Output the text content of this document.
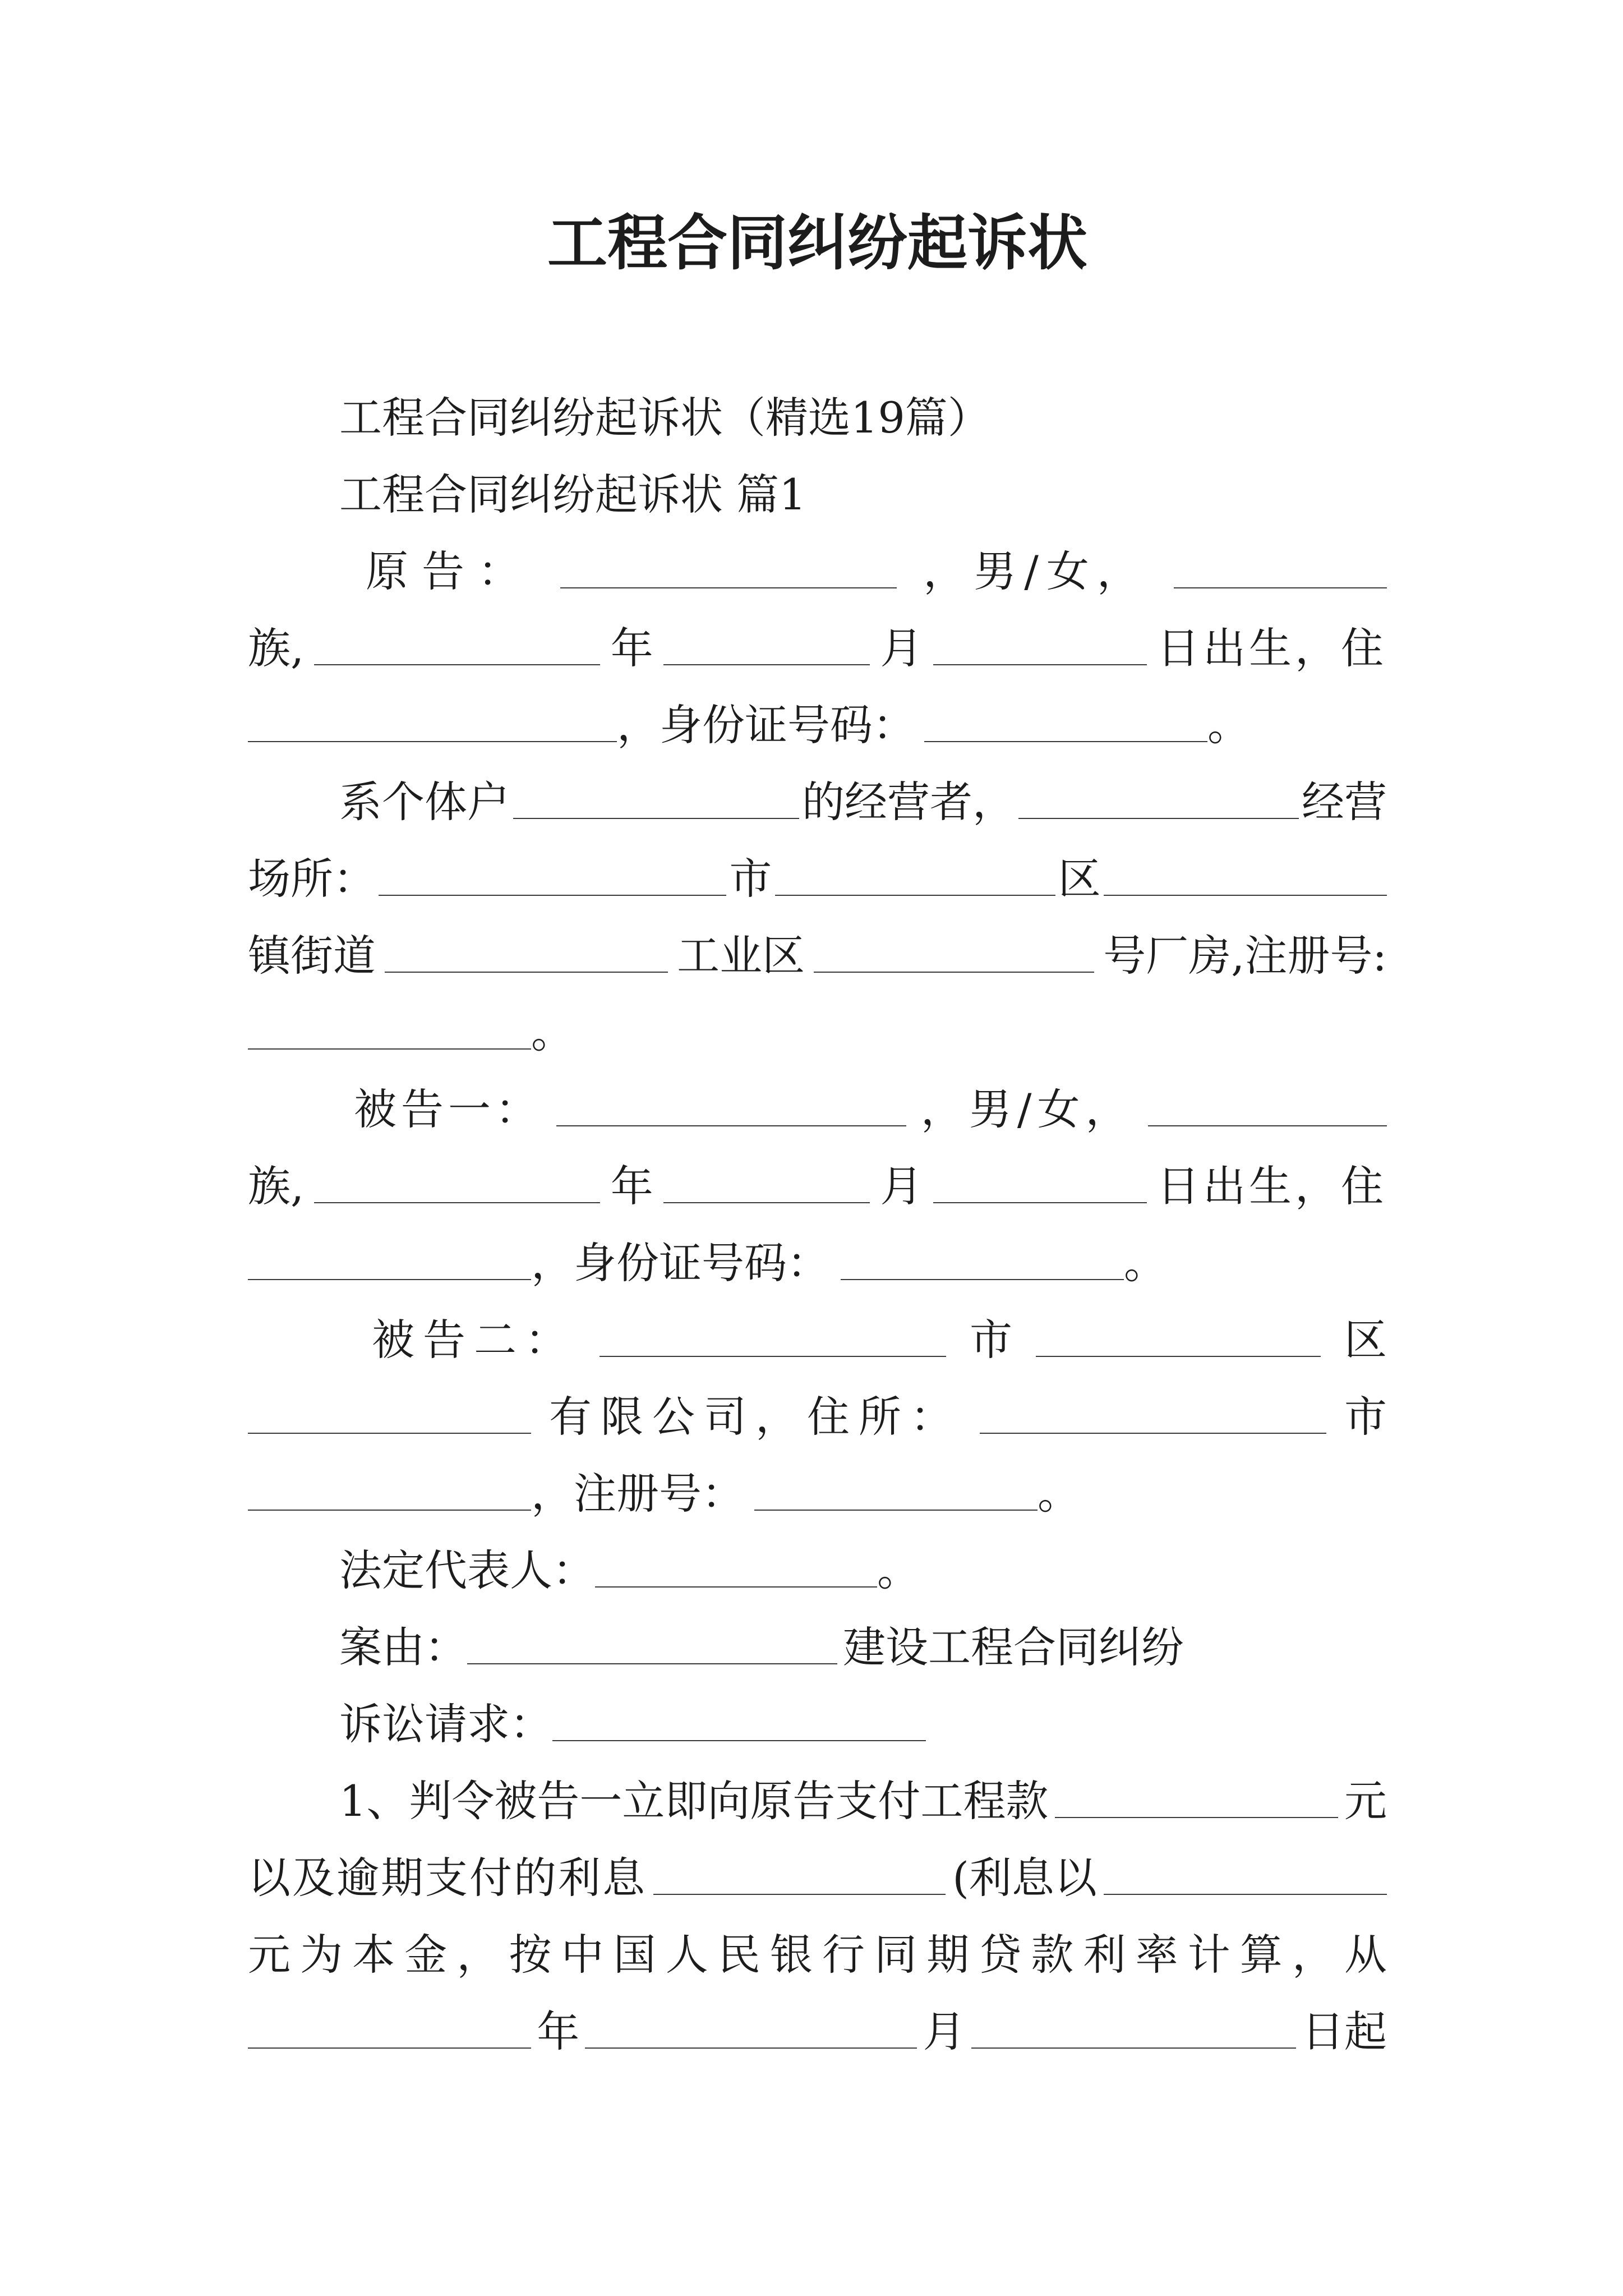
工程合同纠纷起诉状
工程合同纠纷起诉状（精选19篇）
工程合同纠纷起诉状 篇1
原告：	，男/女，
族,	年	月	日出生，住
，身份证号码：	。
系个体户	的经营者，	经营
场所：	市	区
镇街道	工业区	号厂房,注册号:
。
被告一：	，男/女，
族,	年	月	日出生，住
，身份证号码：	。
被告二：	市	区
有限公司，住所：	市
，注册号：	。
法定代表人：	。
案由：	建设工程合同纠纷
诉讼请求：
1、判令被告一立即向原告支付工程款	元
以及逾期支付的利息	(利息以
元为本金，按中国人民银行同期贷款利率计算，从
年	月	日起
